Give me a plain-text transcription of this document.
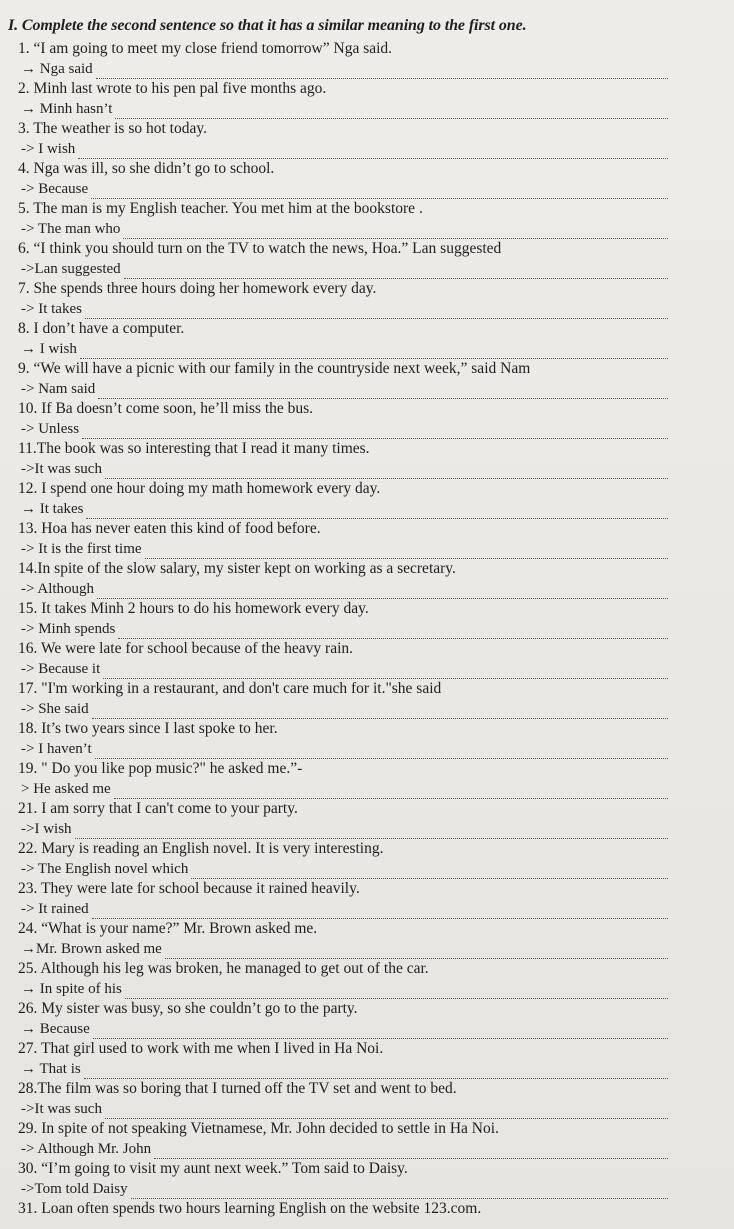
I. Complete the second sentence so that it has a similar meaning to the first one.
1. “I am going to meet my close friend tomorrow” Nga said.
→ Nga said
2. Minh last wrote to his pen pal five months ago.
→ Minh hasn’t
3. The weather is so hot today.
-> I wish
4. Nga was ill, so she didn’t go to school.
-> Because
5. The man is my English teacher. You met him at the bookstore .
-> The man who
6. “I think you should turn on the TV to watch the news, Hoa.” Lan suggested
->Lan suggested
7. She spends three hours doing her homework every day.
-> It takes
8. I don’t have a computer.
→ I wish
9. “We will have a picnic with our family in the countryside next week,” said Nam
-> Nam said
10. If Ba doesn’t come soon, he’ll miss the bus.
-> Unless
11.The book was so interesting that I read it many times.
->It was such
12. I spend one hour doing my math homework every day.
→ It takes
13. Hoa has never eaten this kind of food before.
-> It is the first time
14.In spite of the slow salary, my sister kept on working as a secretary.
-> Although
15. It takes Minh 2 hours to do his homework every day.
-> Minh spends
16. We were late for school because of the heavy rain.
-> Because it
17. "I'm working in a restaurant, and don't care much for it."she said
-> She said
18. It’s two years since I last spoke to her.
-> I haven’t
19. " Do you like pop music?" he asked me.”-
> He asked me
21. I am sorry that I can't come to your party.
->I wish
22. Mary is reading an English novel. It is very interesting.
-> The English novel which
23. They were late for school because it rained heavily.
-> It rained
24. “What is your name?” Mr. Brown asked me.
→Mr. Brown asked me
25. Although his leg was broken, he managed to get out of the car.
→ In spite of his
26. My sister was busy, so she couldn’t go to the party.
→ Because
27. That girl used to work with me when I lived in Ha Noi.
→ That is
28.The film was so boring that I turned off the TV set and went to bed.
->It was such
29. In spite of not speaking Vietnamese, Mr. John decided to settle in Ha Noi.
-> Although Mr. John
30. “I’m going to visit my aunt next week.” Tom said to Daisy.
->Tom told Daisy
31. Loan often spends two hours learning English on the website 123.com.
